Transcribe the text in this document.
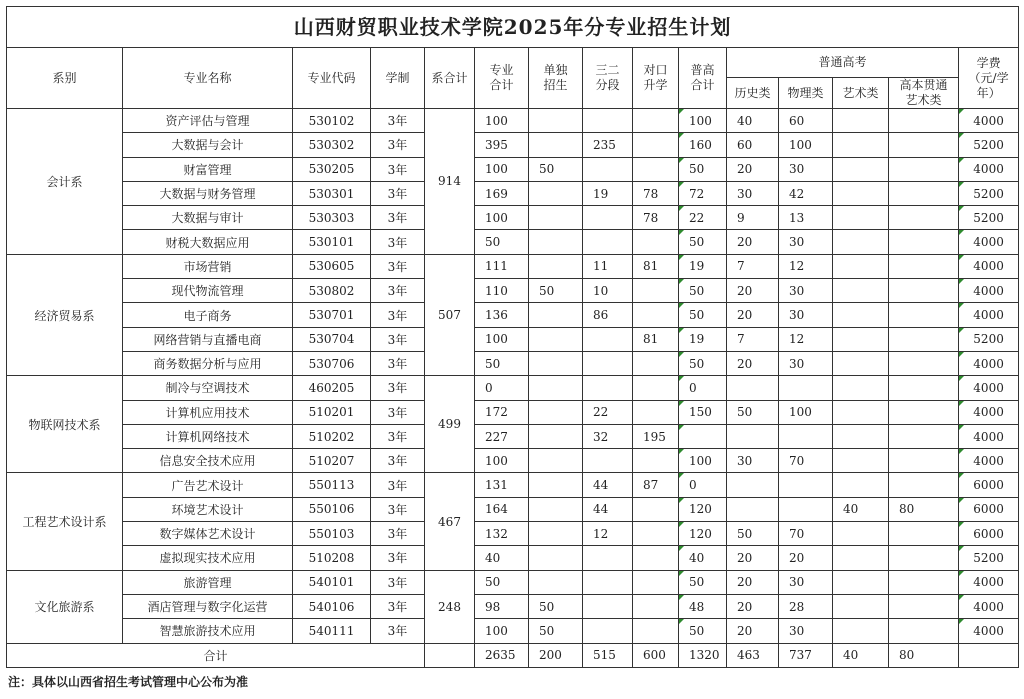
山西财贸职业技术学院2025年分专业招生计划														
系别	专业名称	专业代码	学制	系合计	专业合计	单独招生	三二分段	对口升学	普高合计	普通高考				学费（元/学年）

										历史类	物理类	艺术类	高本贯通艺术类	

会计系	资产评估与管理	530102	3年	914	100				100	40	60			4000
	大数据与会计	530302	3年		395		235		160	60	100			5200
	财富管理	530205	3年		100	50			50	20	30			4000
	大数据与财务管理	530301	3年		169		19	78	72	30	42			5200
	大数据与审计	530303	3年		100			78	22	9	13			5200
	财税大数据应用	530101	3年		50				50	20	30			4000
经济贸易系	市场营销	530605	3年	507	111		11	81	19	7	12			4000
	现代物流管理	530802	3年		110	50	10		50	20	30			4000
	电子商务	530701	3年		136		86		50	20	30			4000
	网络营销与直播电商	530704	3年		100			81	19	7	12			5200
	商务数据分析与应用	530706	3年		50				50	20	30			4000
物联网技术系	制冷与空调技术	460205	3年	499	0				0					4000
	计算机应用技术	510201	3年		172		22		150	50	100			4000
	计算机网络技术	510202	3年		227		32	195						4000
	信息安全技术应用	510207	3年		100				100	30	70			4000
工程艺术设计系	广告艺术设计	550113	3年	467	131		44	87	0					6000
	环境艺术设计	550106	3年		164		44		120			40	80	6000
	数字媒体艺术设计	550103	3年		132		12		120	50	70			6000
	虚拟现实技术应用	510208	3年		40				40	20	20			5200
文化旅游系	旅游管理	540101	3年	248	50				50	20	30			4000
	酒店管理与数字化运营	540106	3年		98	50			48	20	28			4000
	智慧旅游技术应用	540111	3年		100	50			50	20	30			4000
合计					2635	200	515	600	1320	463	737	40	80	
注：具体以山西省招生考试管理中心公布为准
